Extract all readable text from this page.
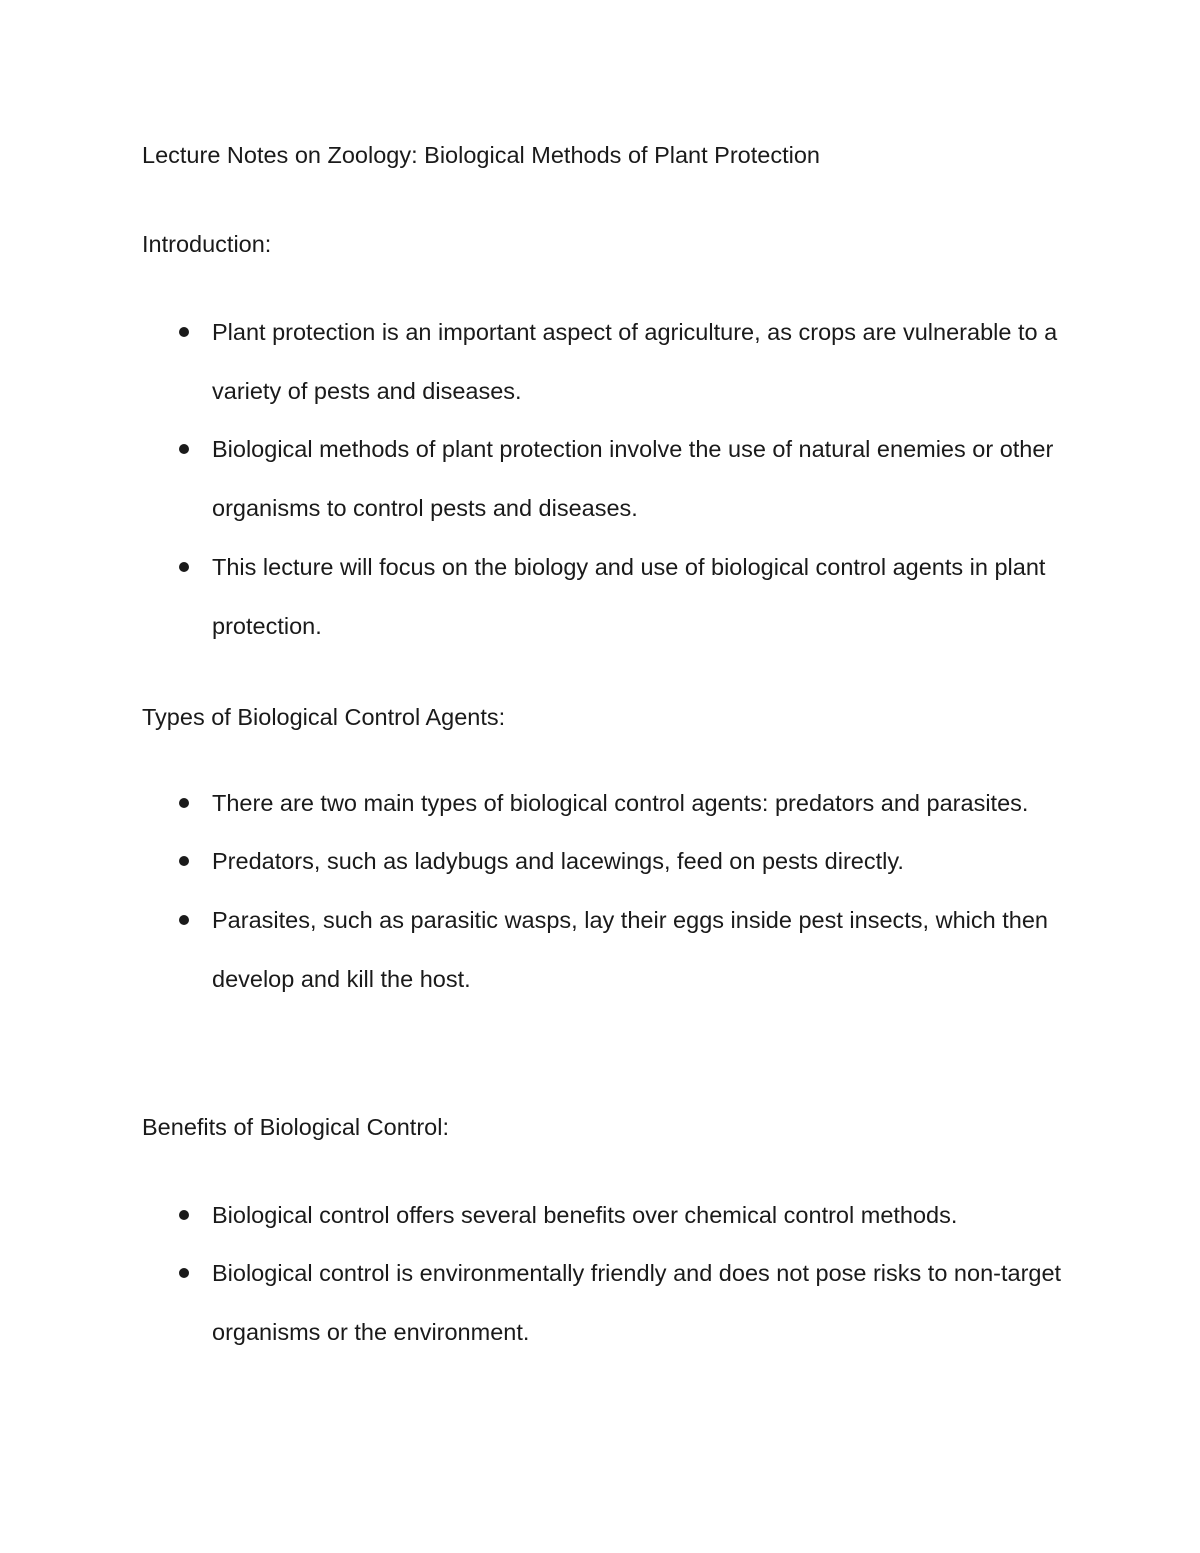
Lecture Notes on Zoology: Biological Methods of Plant Protection
Introduction:
Plant protection is an important aspect of agriculture, as crops are vulnerable to a variety of pests and diseases.
Biological methods of plant protection involve the use of natural enemies or other organisms to control pests and diseases.
This lecture will focus on the biology and use of biological control agents in plant protection.
Types of Biological Control Agents:
There are two main types of biological control agents: predators and parasites.
Predators, such as ladybugs and lacewings, feed on pests directly.
Parasites, such as parasitic wasps, lay their eggs inside pest insects, which then develop and kill the host.
Benefits of Biological Control:
Biological control offers several benefits over chemical control methods.
Biological control is environmentally friendly and does not pose risks to non-target organisms or the environment.
